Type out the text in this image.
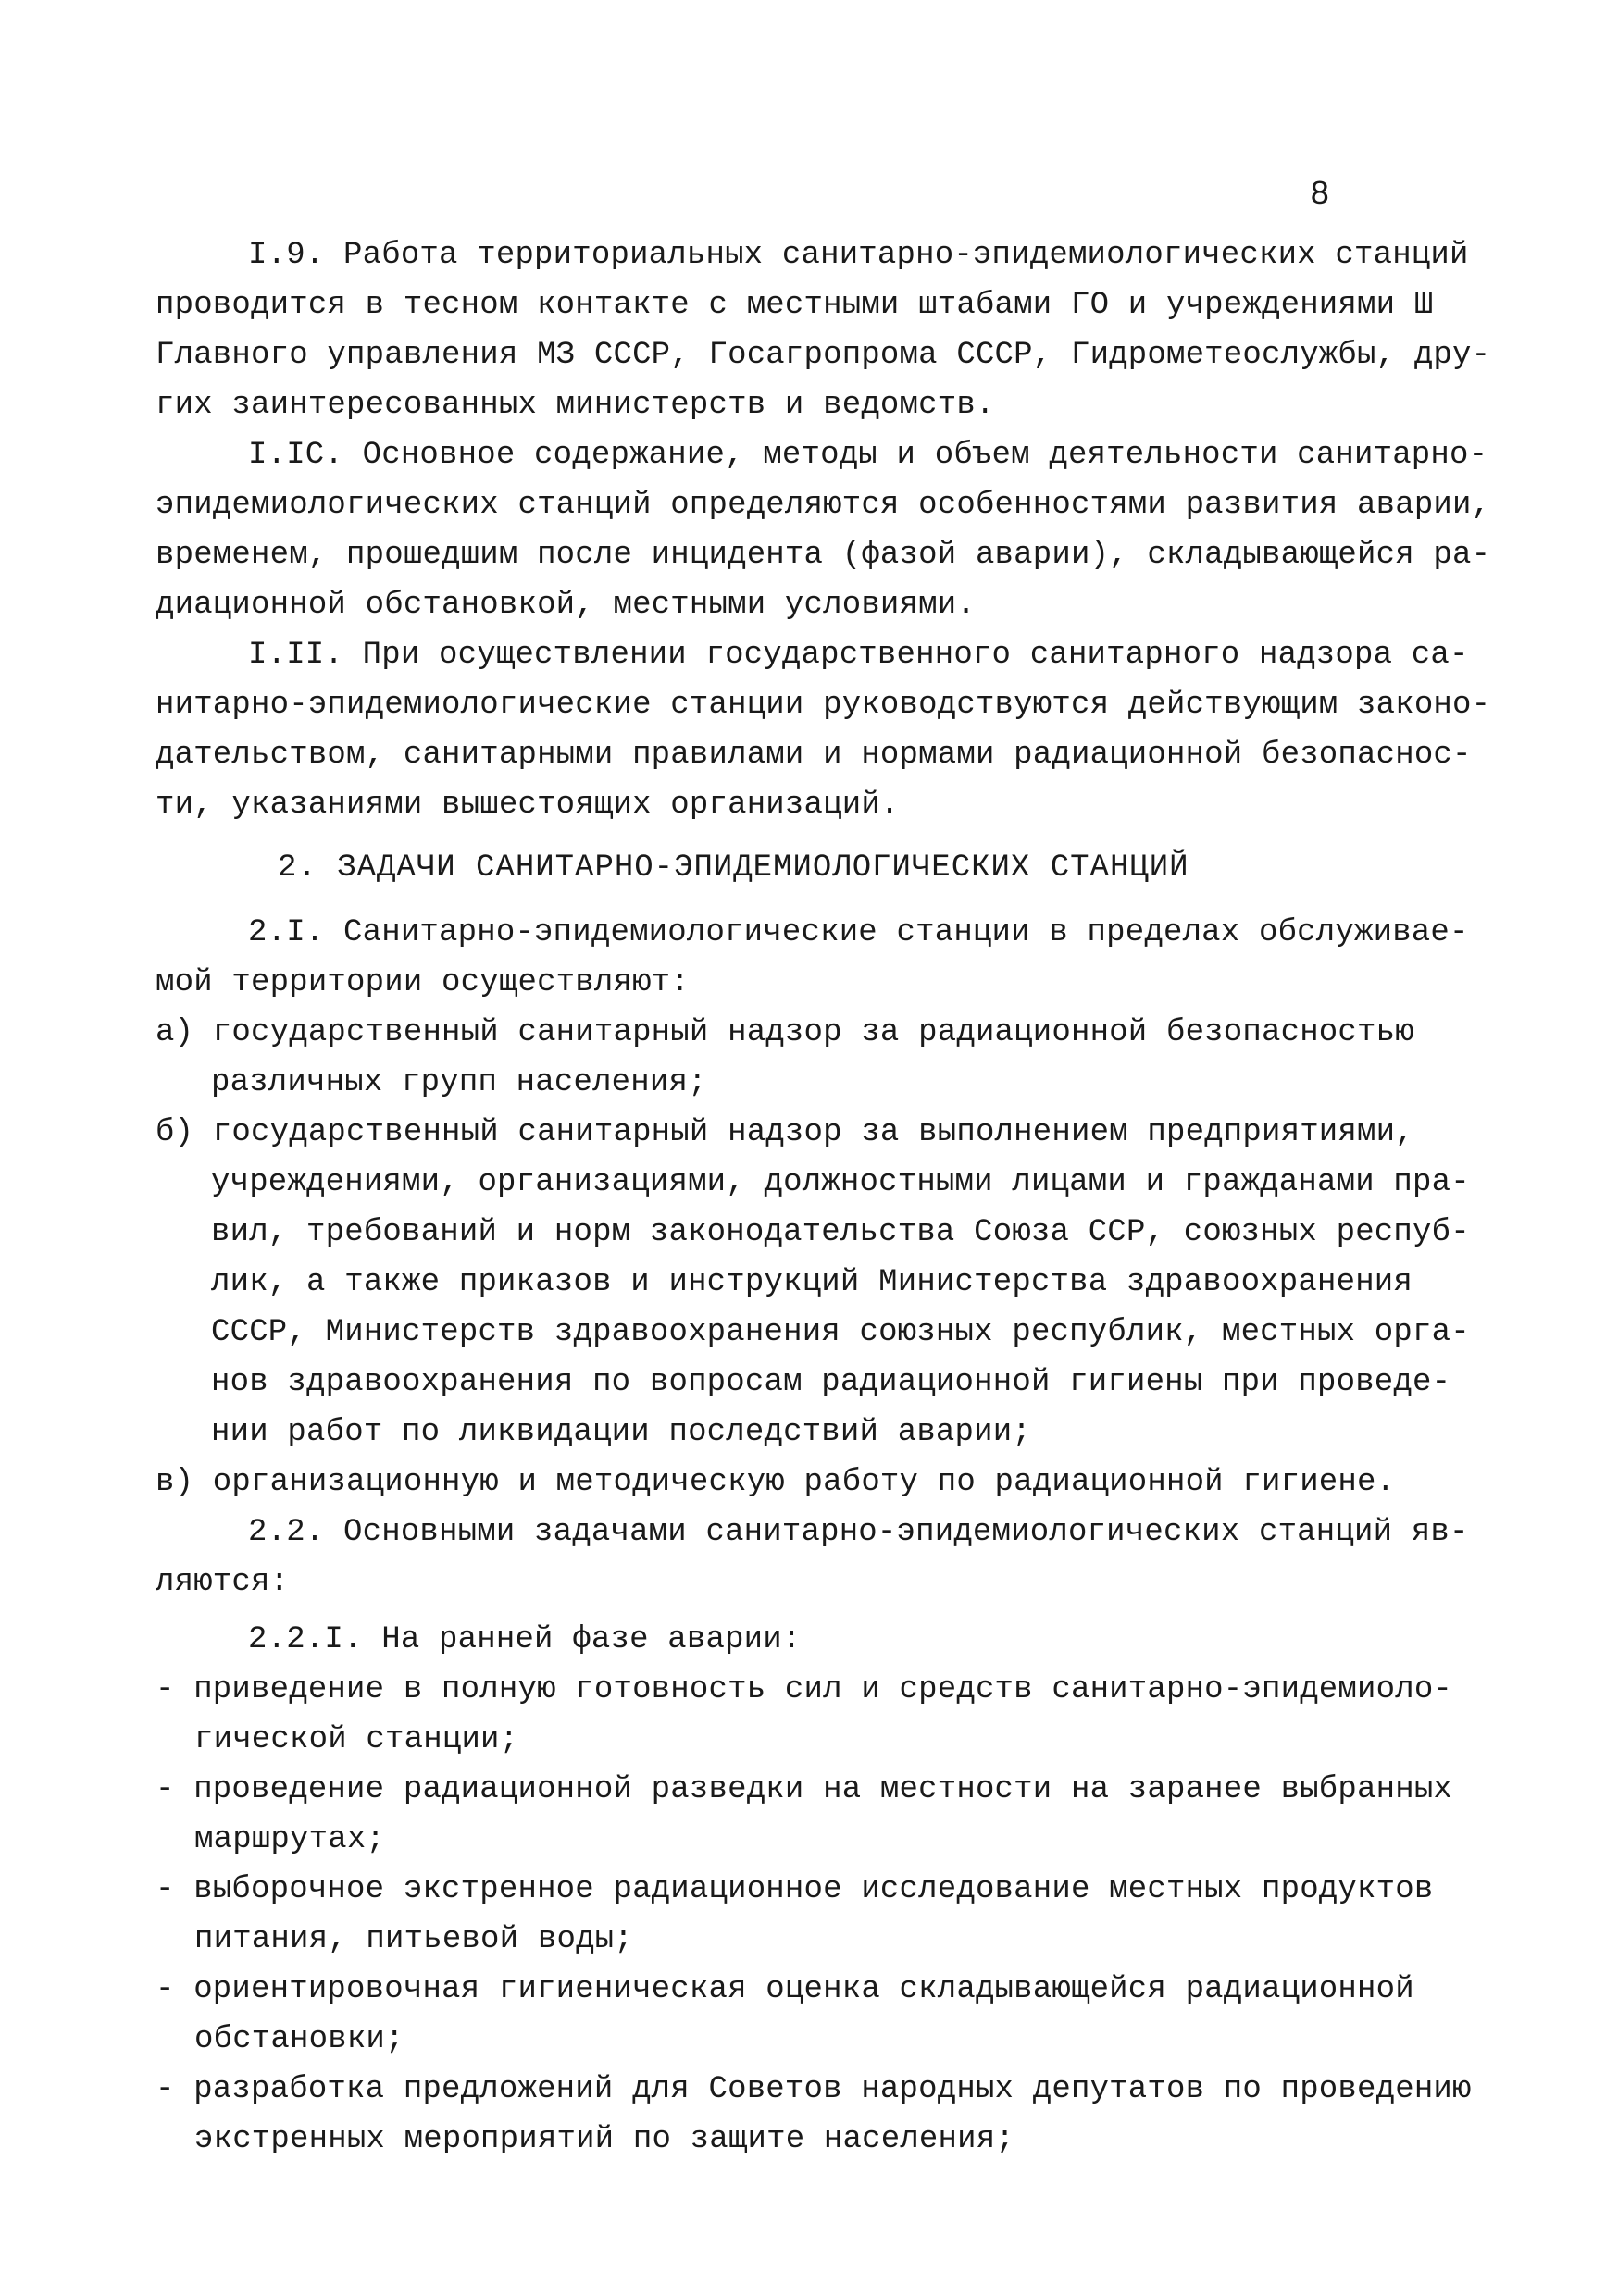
8
I.9. Работа территориальных санитарно-эпидемиологических станций
проводится в тесном контакте с местными штабами ГО и учреждениями Ш
Главного управления МЗ СССР, Госагропрома СССР, Гидрометеослужбы, дру-
гих заинтересованных министерств и ведомств.
I.IC. Основное содержание, методы и объем деятельности санитарно-
эпидемиологических станций определяются особенностями развития аварии,
временем, прошедшим после инцидента (фазой аварии), складывающейся ра-
диационной обстановкой, местными условиями.
I.II. При осуществлении государственного санитарного надзора са-
нитарно-эпидемиологические станции руководствуются действующим законо-
дательством, санитарными правилами и нормами радиационной безопаснос-
ти, указаниями вышестоящих организаций.
2. ЗАДАЧИ САНИТАРНО-ЭПИДЕМИОЛОГИЧЕСКИХ СТАНЦИЙ
2.I. Санитарно-эпидемиологические станции в пределах обслуживае-
мой территории осуществляют:
а) государственный санитарный надзор за радиационной безопасностью
различных групп населения;
б) государственный санитарный надзор за выполнением предприятиями,
учреждениями, организациями, должностными лицами и гражданами пра-
вил, требований и норм законодательства Союза ССР, союзных респуб-
лик, а также приказов и инструкций Министерства здравоохранения
СССР, Министерств здравоохранения союзных республик, местных орга-
нов здравоохранения по вопросам радиационной гигиены при проведе-
нии работ по ликвидации последствий аварии;
в) организационную и методическую работу по радиационной гигиене.
2.2. Основными задачами санитарно-эпидемиологических станций яв-
ляются:
2.2.I. На ранней фазе аварии:
- приведение в полную готовность сил и средств санитарно-эпидемиоло-
гической станции;
- проведение радиационной разведки на местности на заранее выбранных
маршрутах;
- выборочное экстренное радиационное исследование местных продуктов
питания, питьевой воды;
- ориентировочная гигиеническая оценка складывающейся радиационной
обстановки;
- разработка предложений для Советов народных депутатов по проведению
экстренных мероприятий по защите населения;
